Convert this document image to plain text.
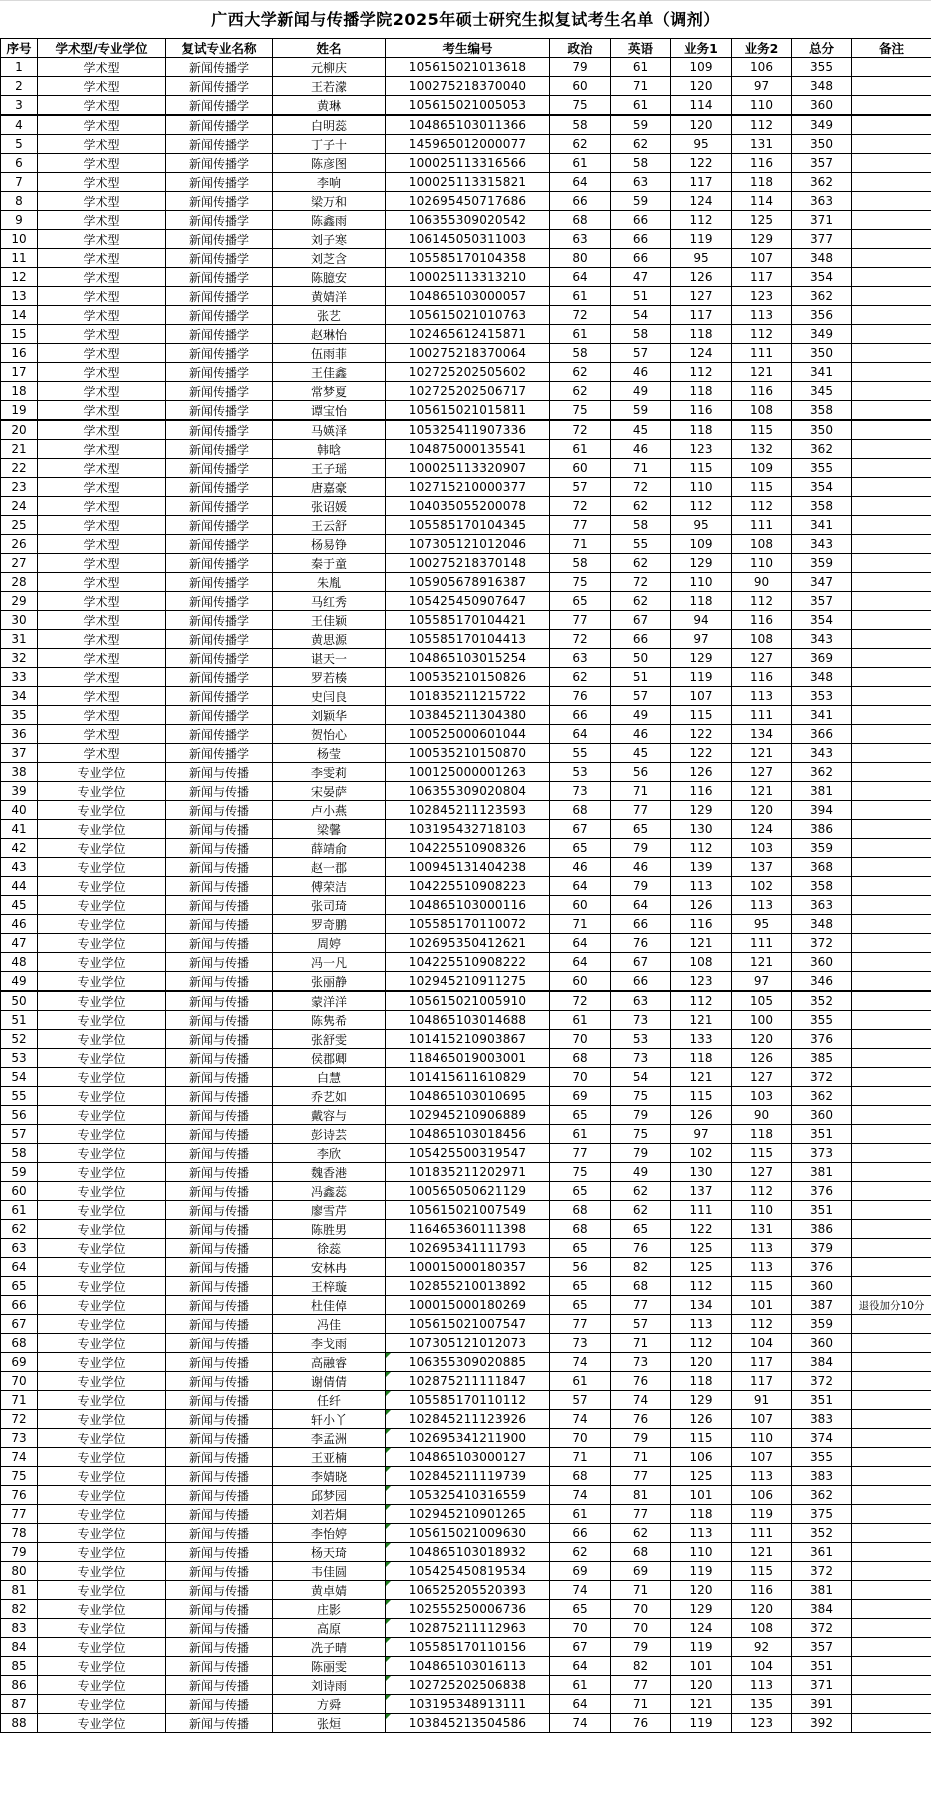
广西大学新闻与传播学院2025年硕士研究生拟复试考生名单（调剂）
序号	学术型/专业学位	复试专业名称	姓名	考生编号	政治	英语	业务1	业务2	总分	备注
1	学术型	新闻传播学	元柳庆	105615021013618	79	61	109	106	355	
2	学术型	新闻传播学	王若濛	100275218370040	60	71	120	97	348	
3	学术型	新闻传播学	黄琳	105615021005053	75	61	114	110	360	
4	学术型	新闻传播学	白明蕊	104865103011366	58	59	120	112	349	
5	学术型	新闻传播学	丁子十	145965012000077	62	62	95	131	350	
6	学术型	新闻传播学	陈彦图	100025113316566	61	58	122	116	357	
7	学术型	新闻传播学	李响	100025113315821	64	63	117	118	362	
8	学术型	新闻传播学	梁万和	102695450717686	66	59	124	114	363	
9	学术型	新闻传播学	陈鑫雨	106355309020542	68	66	112	125	371	
10	学术型	新闻传播学	刘子寒	106145050311003	63	66	119	129	377	
11	学术型	新闻传播学	刘芝含	105585170104358	80	66	95	107	348	
12	学术型	新闻传播学	陈臆安	100025113313210	64	47	126	117	354	
13	学术型	新闻传播学	黄婧洋	104865103000057	61	51	127	123	362	
14	学术型	新闻传播学	张艺	105615021010763	72	54	117	113	356	
15	学术型	新闻传播学	赵琳怡	102465612415871	61	58	118	112	349	
16	学术型	新闻传播学	伍雨菲	100275218370064	58	57	124	111	350	
17	学术型	新闻传播学	王佳鑫	102725202505602	62	46	112	121	341	
18	学术型	新闻传播学	常梦夏	102725202506717	62	49	118	116	345	
19	学术型	新闻传播学	谭宝怡	105615021015811	75	59	116	108	358	
20	学术型	新闻传播学	马媖泽	105325411907336	72	45	118	115	350	
21	学术型	新闻传播学	韩晗	104875000135541	61	46	123	132	362	
22	学术型	新闻传播学	王子瑶	100025113320907	60	71	115	109	355	
23	学术型	新闻传播学	唐嘉豪	102715210000377	57	72	110	115	354	
24	学术型	新闻传播学	张诏媛	104035055200078	72	62	112	112	358	
25	学术型	新闻传播学	王云舒	105585170104345	77	58	95	111	341	
26	学术型	新闻传播学	杨易铮	107305121012046	71	55	109	108	343	
27	学术型	新闻传播学	秦于童	100275218370148	58	62	129	110	359	
28	学术型	新闻传播学	朱胤	105905678916387	75	72	110	90	347	
29	学术型	新闻传播学	马红秀	105425450907647	65	62	118	112	357	
30	学术型	新闻传播学	王佳颖	105585170104421	77	67	94	116	354	
31	学术型	新闻传播学	黄思源	105585170104413	72	66	97	108	343	
32	学术型	新闻传播学	谌天一	104865103015254	63	50	129	127	369	
33	学术型	新闻传播学	罗若楱	100535210150826	62	51	119	116	348	
34	学术型	新闻传播学	史闫良	101835211215722	76	57	107	113	353	
35	学术型	新闻传播学	刘颖华	103845211304380	66	49	115	111	341	
36	学术型	新闻传播学	贺怡心	100525000601044	64	46	122	134	366	
37	学术型	新闻传播学	杨莹	100535210150870	55	45	122	121	343	
38	专业学位	新闻与传播	李雯莉	100125000001263	53	56	126	127	362	
39	专业学位	新闻与传播	宋晏萨	106355309020804	73	71	116	121	381	
40	专业学位	新闻与传播	卢小燕	102845211123593	68	77	129	120	394	
41	专业学位	新闻与传播	梁馨	103195432718103	67	65	130	124	386	
42	专业学位	新闻与传播	薛靖俞	104225510908326	65	79	112	103	359	
43	专业学位	新闻与传播	赵一郡	100945131404238	46	46	139	137	368	
44	专业学位	新闻与传播	傅荣洁	104225510908223	64	79	113	102	358	
45	专业学位	新闻与传播	张司琦	104865103000116	60	64	126	113	363	
46	专业学位	新闻与传播	罗奇鹏	105585170110072	71	66	116	95	348	
47	专业学位	新闻与传播	周婷	102695350412621	64	76	121	111	372	
48	专业学位	新闻与传播	冯一凡	104225510908222	64	67	108	121	360	
49	专业学位	新闻与传播	张丽静	102945210911275	60	66	123	97	346	
50	专业学位	新闻与传播	蒙洋洋	105615021005910	72	63	112	105	352	
51	专业学位	新闻与传播	陈隽希	104865103014688	61	73	121	100	355	
52	专业学位	新闻与传播	张舒雯	101415210903867	70	53	133	120	376	
53	专业学位	新闻与传播	侯郡卿	118465019003001	68	73	118	126	385	
54	专业学位	新闻与传播	白慧	101415611610829	70	54	121	127	372	
55	专业学位	新闻与传播	乔艺如	104865103010695	69	75	115	103	362	
56	专业学位	新闻与传播	戴容与	102945210906889	65	79	126	90	360	
57	专业学位	新闻与传播	彭诗芸	104865103018456	61	75	97	118	351	
58	专业学位	新闻与传播	李欣	105425500319547	77	79	102	115	373	
59	专业学位	新闻与传播	魏香港	101835211202971	75	49	130	127	381	
60	专业学位	新闻与传播	冯鑫蕊	100565050621129	65	62	137	112	376	
61	专业学位	新闻与传播	廖雪芹	105615021007549	68	62	111	110	351	
62	专业学位	新闻与传播	陈胜男	116465360111398	68	65	122	131	386	
63	专业学位	新闻与传播	徐蕊	102695341111793	65	76	125	113	379	
64	专业学位	新闻与传播	安林冉	100015000180357	56	82	125	113	376	
65	专业学位	新闻与传播	王梓璇	102855210013892	65	68	112	115	360	
66	专业学位	新闻与传播	杜佳倬	100015000180269	65	77	134	101	387	退役加分10分
67	专业学位	新闻与传播	冯佳	105615021007547	77	57	113	112	359	
68	专业学位	新闻与传播	李戈雨	107305121012073	73	71	112	104	360	
69	专业学位	新闻与传播	高融睿	106355309020885	74	73	120	117	384	
70	专业学位	新闻与传播	谢倩倩	102875211111847	61	76	118	117	372	
71	专业学位	新闻与传播	任纤	105585170110112	57	74	129	91	351	
72	专业学位	新闻与传播	轩小丫	102845211123926	74	76	126	107	383	
73	专业学位	新闻与传播	李孟洲	102695341211900	70	79	115	110	374	
74	专业学位	新闻与传播	王亚楠	104865103000127	71	71	106	107	355	
75	专业学位	新闻与传播	李婧晓	102845211119739	68	77	125	113	383	
76	专业学位	新闻与传播	邱梦园	105325410316559	74	81	101	106	362	
77	专业学位	新闻与传播	刘若烔	102945210901265	61	77	118	119	375	
78	专业学位	新闻与传播	李怡婷	105615021009630	66	62	113	111	352	
79	专业学位	新闻与传播	杨天琦	104865103018932	62	68	110	121	361	
80	专业学位	新闻与传播	韦佳圆	105425450819534	69	69	119	115	372	
81	专业学位	新闻与传播	黄卓婧	106525205520393	74	71	120	116	381	
82	专业学位	新闻与传播	庄影	102555250006736	65	70	129	120	384	
83	专业学位	新闻与传播	高原	102875211112963	70	70	124	108	372	
84	专业学位	新闻与传播	冼子晴	105585170110156	67	79	119	92	357	
85	专业学位	新闻与传播	陈丽雯	104865103016113	64	82	101	104	351	
86	专业学位	新闻与传播	刘诗雨	102725202506838	61	77	120	113	371	
87	专业学位	新闻与传播	方舜	103195348913111	64	71	121	135	391	
88	专业学位	新闻与传播	张烜	103845213504586	74	76	119	123	392	
